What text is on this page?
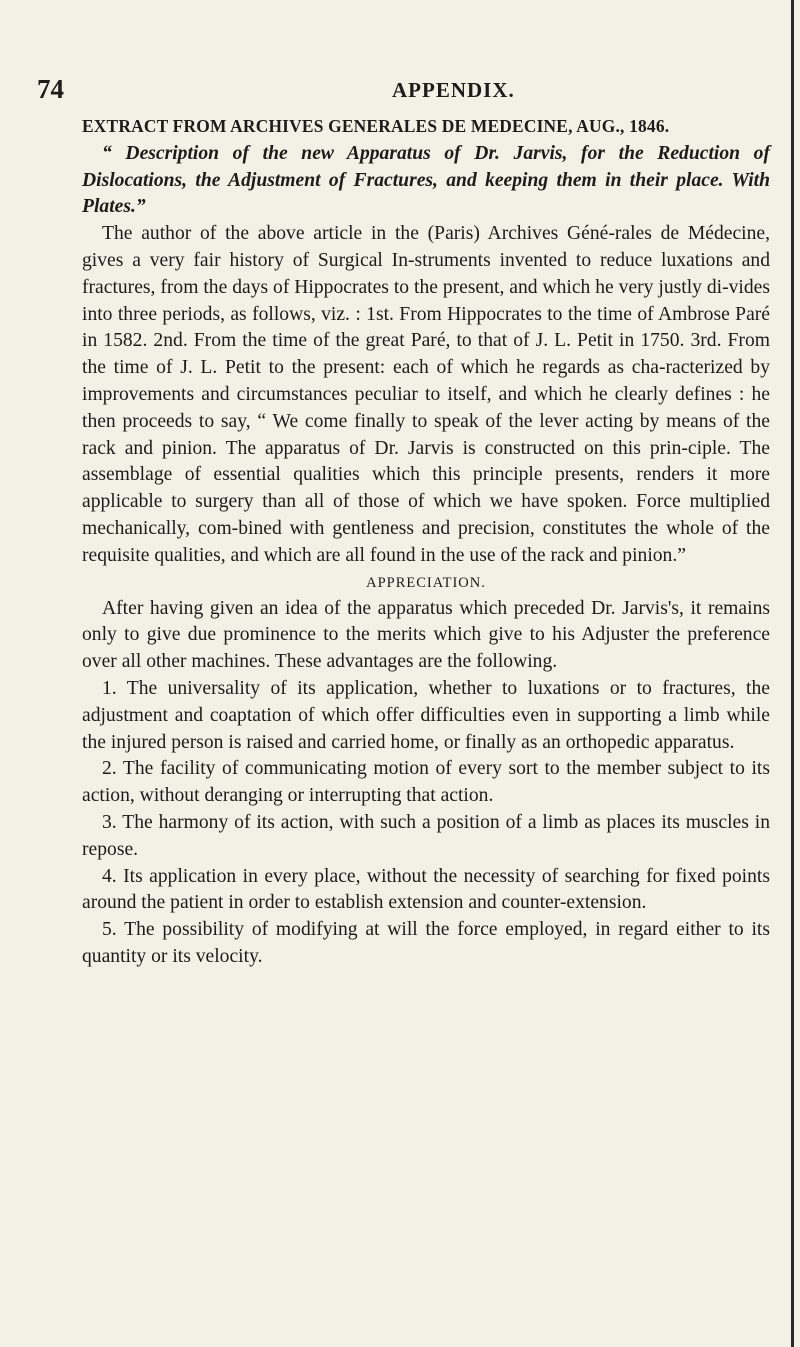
74	APPENDIX.

EXTRACT FROM ARCHIVES GENERALES DE MEDECINE, AUG., 1846.

“ Description of the new Apparatus of Dr. Jarvis, for the Reduction of Dislocations, the Adjustment of Fractures, and keeping them in their place. With Plates.”

The author of the above article in the (Paris) Archives Géné-rales de Médecine, gives a very fair history of Surgical In-struments invented to reduce luxations and fractures, from the days of Hippocrates to the present, and which he very justly di-vides into three periods, as follows, viz. : 1st. From Hippocrates to the time of Ambrose Paré in 1582. 2nd. From the time of the great Paré, to that of J. L. Petit in 1750. 3rd. From the time of J. L. Petit to the present: each of which he regards as cha-racterized by improvements and circumstances peculiar to itself, and which he clearly defines : he then proceeds to say, “ We come finally to speak of the lever acting by means of the rack and pinion. The apparatus of Dr. Jarvis is constructed on this prin-ciple. The assemblage of essential qualities which this principle presents, renders it more applicable to surgery than all of those of which we have spoken. Force multiplied mechanically, com-bined with gentleness and precision, constitutes the whole of the requisite qualities, and which are all found in the use of the rack and pinion.”

APPRECIATION.

After having given an idea of the apparatus which preceded Dr. Jarvis's, it remains only to give due prominence to the merits which give to his Adjuster the preference over all other machines. These advantages are the following.

1. The universality of its application, whether to luxations or to fractures, the adjustment and coaptation of which offer difficulties even in supporting a limb while the injured person is raised and carried home, or finally as an orthopedic apparatus.

2. The facility of communicating motion of every sort to the member subject to its action, without deranging or interrupting that action.

3. The harmony of its action, with such a position of a limb as places its muscles in repose.

4. Its application in every place, without the necessity of searching for fixed points around the patient in order to establish extension and counter-extension.

5. The possibility of modifying at will the force employed, in regard either to its quantity or its velocity.
